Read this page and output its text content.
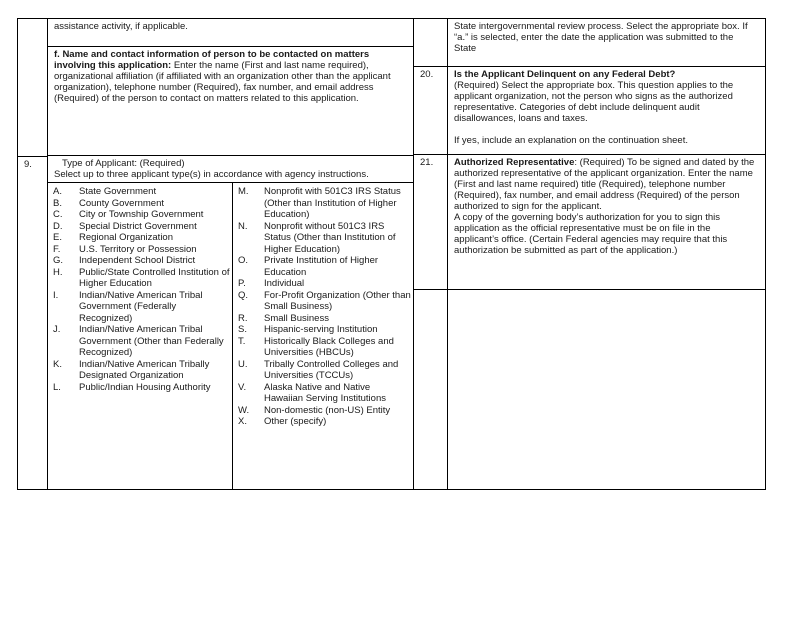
9.
assistance activity, if applicable.
f. Name and contact information of person to be contacted on matters involving this application: Enter the name (First and last name required), organizational affiliation (if affiliated with an organization other than the applicant organization), telephone number (Required), fax number, and email address (Required) of the person to contact on matters related to this application.
Type of Applicant: (Required)
Select up to three applicant type(s) in accordance with agency instructions.
A.	State Government
B.	County Government
C.	City or Township Government
D.	Special District Government
E.	Regional Organization
F.	U.S. Territory or Possession
G.	Independent School District
H.	Public/State Controlled Institution of Higher Education
I.	Indian/Native American Tribal Government (Federally Recognized)
J.	Indian/Native American Tribal Government (Other than Federally Recognized)
K.	Indian/Native American Tribally Designated Organization
L.	Public/Indian Housing Authority
M.	Nonprofit with 501C3 IRS Status (Other than Institution of Higher Education)
N.	Nonprofit without 501C3 IRS Status (Other than Institution of Higher Education)
O.	Private Institution of Higher Education
P.	Individual
Q.	For-Profit Organization (Other than Small Business)
R.	Small Business
S.	Hispanic-serving Institution
T.	Historically Black Colleges and Universities (HBCUs)
U.	Tribally Controlled Colleges and Universities (TCCUs)
V.	Alaska Native and Native Hawaiian Serving Institutions
W.	Non-domestic (non-US) Entity
X.	Other (specify)
20.
21.
State intergovernmental review process. Select the appropriate box. If “a.” is selected, enter the date the application was submitted to the State
Is the Applicant Delinquent on any Federal Debt?
(Required) Select the appropriate box. This question applies to the applicant organization, not the person who signs as the authorized representative. Categories of debt include delinquent audit disallowances, loans and taxes.
If yes, include an explanation on the continuation sheet.
Authorized Representative: (Required) To be signed and dated by the authorized representative of the applicant organization. Enter the name (First and last name required) title (Required), telephone number (Required), fax number, and email address (Required) of the person authorized to sign for the applicant.
A copy of the governing body’s authorization for you to sign this application as the official representative must be on file in the applicant’s office. (Certain Federal agencies may require that this authorization be submitted as part of the application.)
